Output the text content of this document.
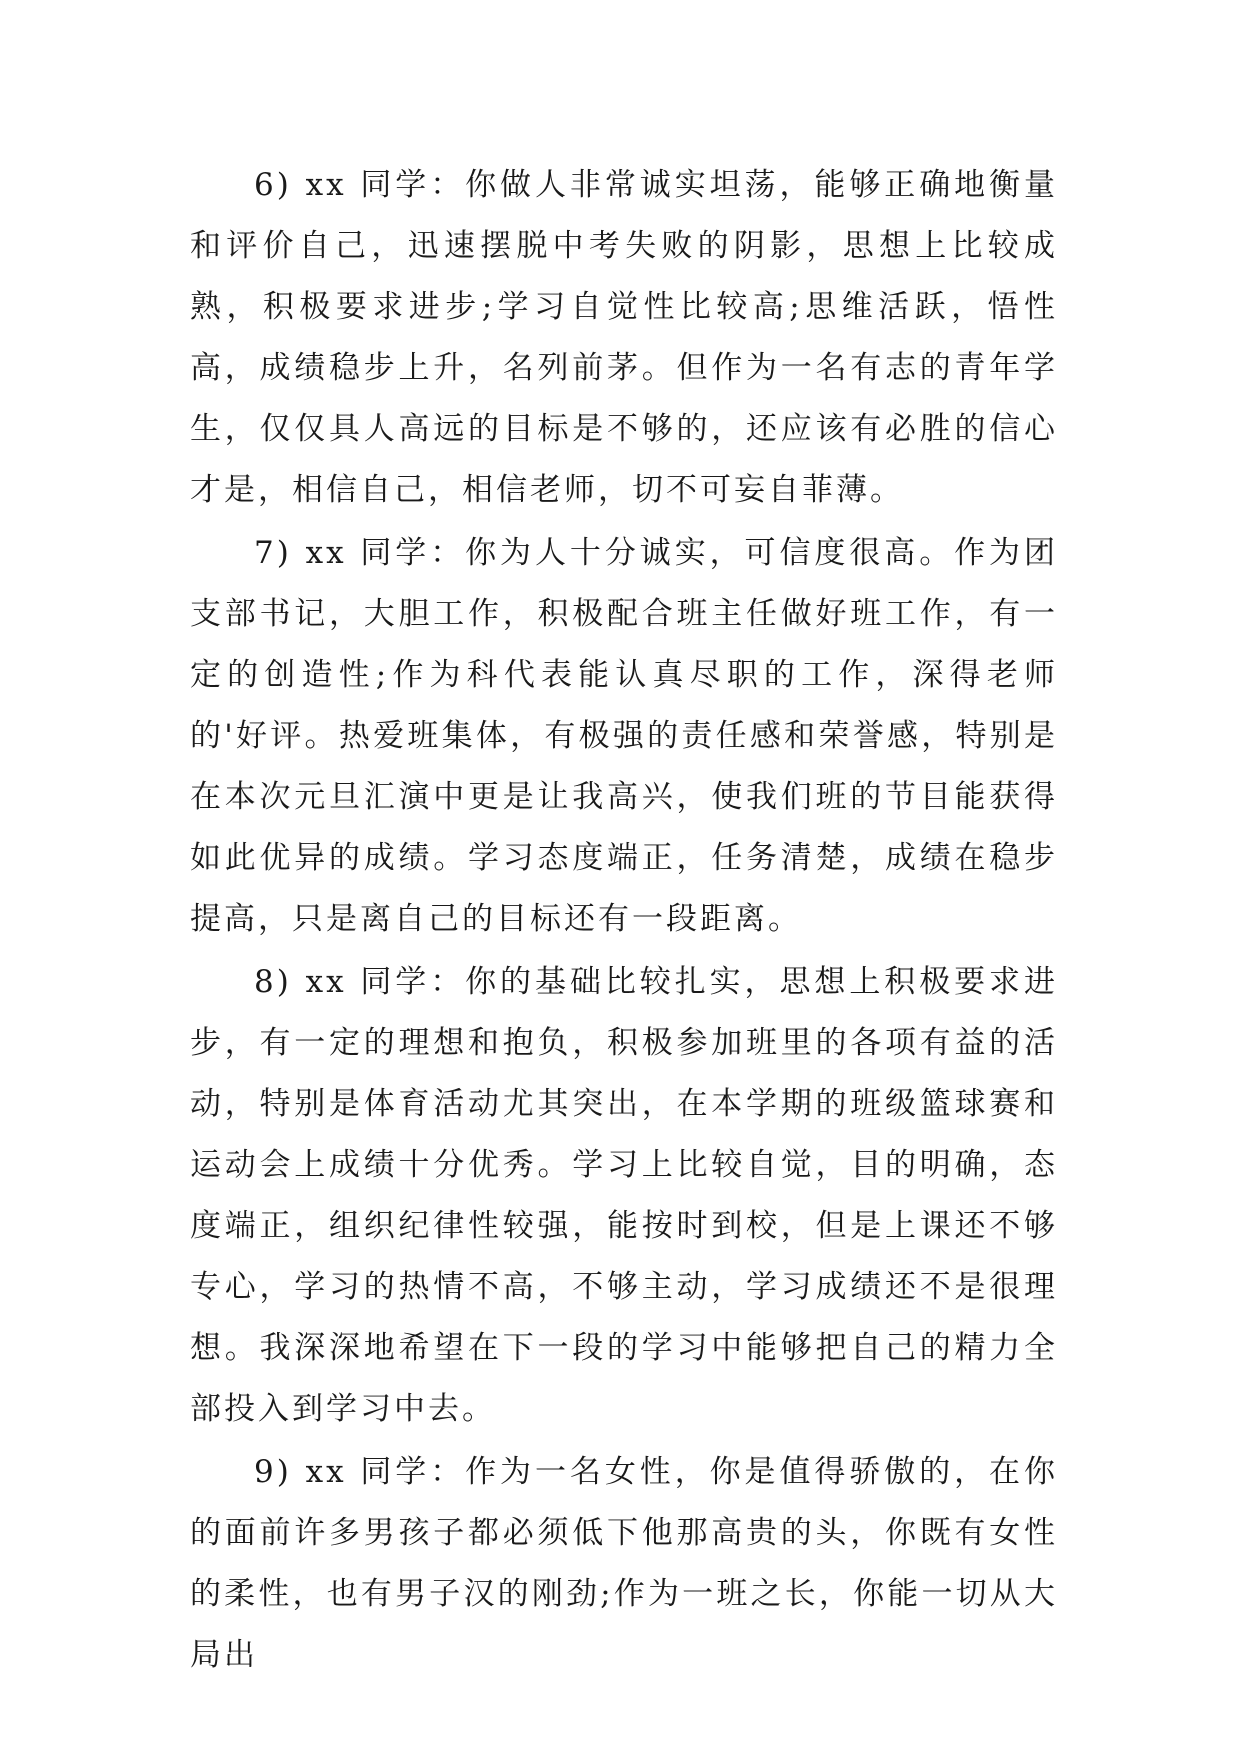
6) xx 同学：你做人非常诚实坦荡，能够正确地衡量和评价自己，迅速摆脱中考失败的阴影，思想上比较成熟，积极要求进步;学习自觉性比较高;思维活跃，悟性高，成绩稳步上升，名列前茅。但作为一名有志的青年学生，仅仅具人高远的目标是不够的，还应该有必胜的信心才是，相信自己，相信老师，切不可妄自菲薄。

7) xx 同学：你为人十分诚实，可信度很高。作为团支部书记，大胆工作，积极配合班主任做好班工作，有一定的创造性;作为科代表能认真尽职的工作，深得老师的'好评。热爱班集体，有极强的责任感和荣誉感，特别是在本次元旦汇演中更是让我高兴，使我们班的节目能获得如此优异的成绩。学习态度端正，任务清楚，成绩在稳步提高，只是离自己的目标还有一段距离。

8) xx 同学：你的基础比较扎实，思想上积极要求进步，有一定的理想和抱负，积极参加班里的各项有益的活动，特别是体育活动尤其突出，在本学期的班级篮球赛和运动会上成绩十分优秀。学习上比较自觉，目的明确，态度端正，组织纪律性较强，能按时到校，但是上课还不够专心，学习的热情不高，不够主动，学习成绩还不是很理想。我深深地希望在下一段的学习中能够把自己的精力全部投入到学习中去。

9) xx 同学：作为一名女性，你是值得骄傲的，在你的面前许多男孩子都必须低下他那高贵的头，你既有女性的柔性，也有男子汉的刚劲;作为一班之长，你能一切从大局出
